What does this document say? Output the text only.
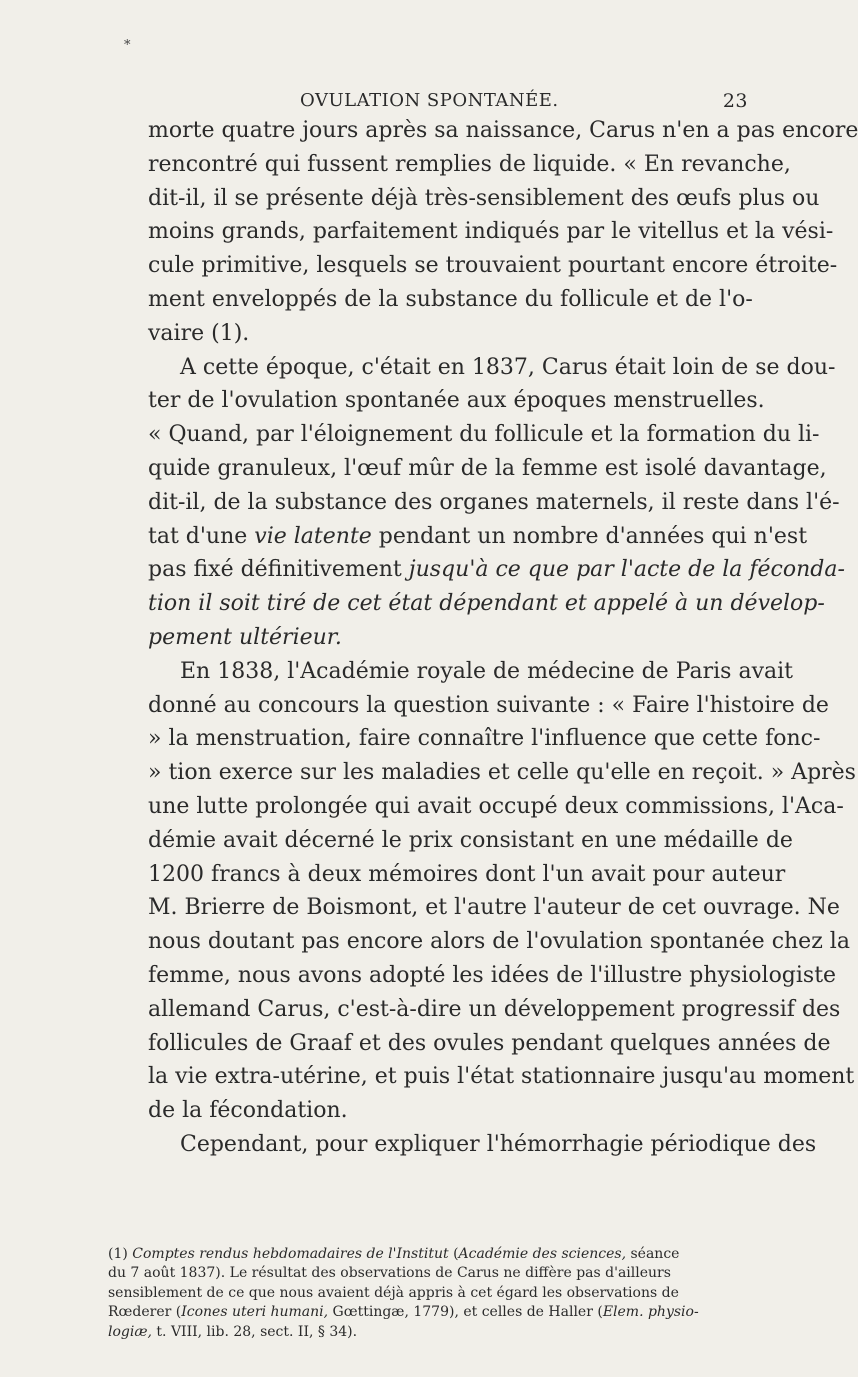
*
OVULATION SPONTANÉE.	23
morte quatre jours après sa naissance, Carus n'en a pas encore
rencontré qui fussent remplies de liquide. « En revanche,
dit-il, il se présente déjà très-sensiblement des œufs plus ou
moins grands, parfaitement indiqués par le vitellus et la vési-
cule primitive, lesquels se trouvaient pourtant encore étroite-
ment enveloppés de la substance du follicule et de l'o-
vaire (1).
A cette époque, c'était en 1837, Carus était loin de se dou-
ter de l'ovulation spontanée aux époques menstruelles.
« Quand, par l'éloignement du follicule et la formation du li-
quide granuleux, l'œuf mûr de la femme est isolé davantage,
dit-il, de la substance des organes maternels, il reste dans l'é-
tat d'une vie latente pendant un nombre d'années qui n'est
pas fixé définitivement jusqu'à ce que par l'acte de la féconda-
tion il soit tiré de cet état dépendant et appelé à un dévelop-
pement ultérieur.
En 1838, l'Académie royale de médecine de Paris avait
donné au concours la question suivante : « Faire l'histoire de
» la menstruation, faire connaître l'influence que cette fonc-
» tion exerce sur les maladies et celle qu'elle en reçoit. » Après
une lutte prolongée qui avait occupé deux commissions, l'Aca-
démie avait décerné le prix consistant en une médaille de
1200 francs à deux mémoires dont l'un avait pour auteur
M. Brierre de Boismont, et l'autre l'auteur de cet ouvrage. Ne
nous doutant pas encore alors de l'ovulation spontanée chez la
femme, nous avons adopté les idées de l'illustre physiologiste
allemand Carus, c'est-à-dire un développement progressif des
follicules de Graaf et des ovules pendant quelques années de
la vie extra-utérine, et puis l'état stationnaire jusqu'au moment
de la fécondation.
Cependant, pour expliquer l'hémorrhagie périodique des
(1) Comptes rendus hebdomadaires de l'Institut (Académie des sciences, séance
du 7 août 1837). Le résultat des observations de Carus ne diffère pas d'ailleurs
sensiblement de ce que nous avaient déjà appris à cet égard les observations de
Rœderer (Icones uteri humani, Gœttingæ, 1779), et celles de Haller (Elem. physio-
logiæ, t. VIII, lib. 28, sect. II, § 34).
